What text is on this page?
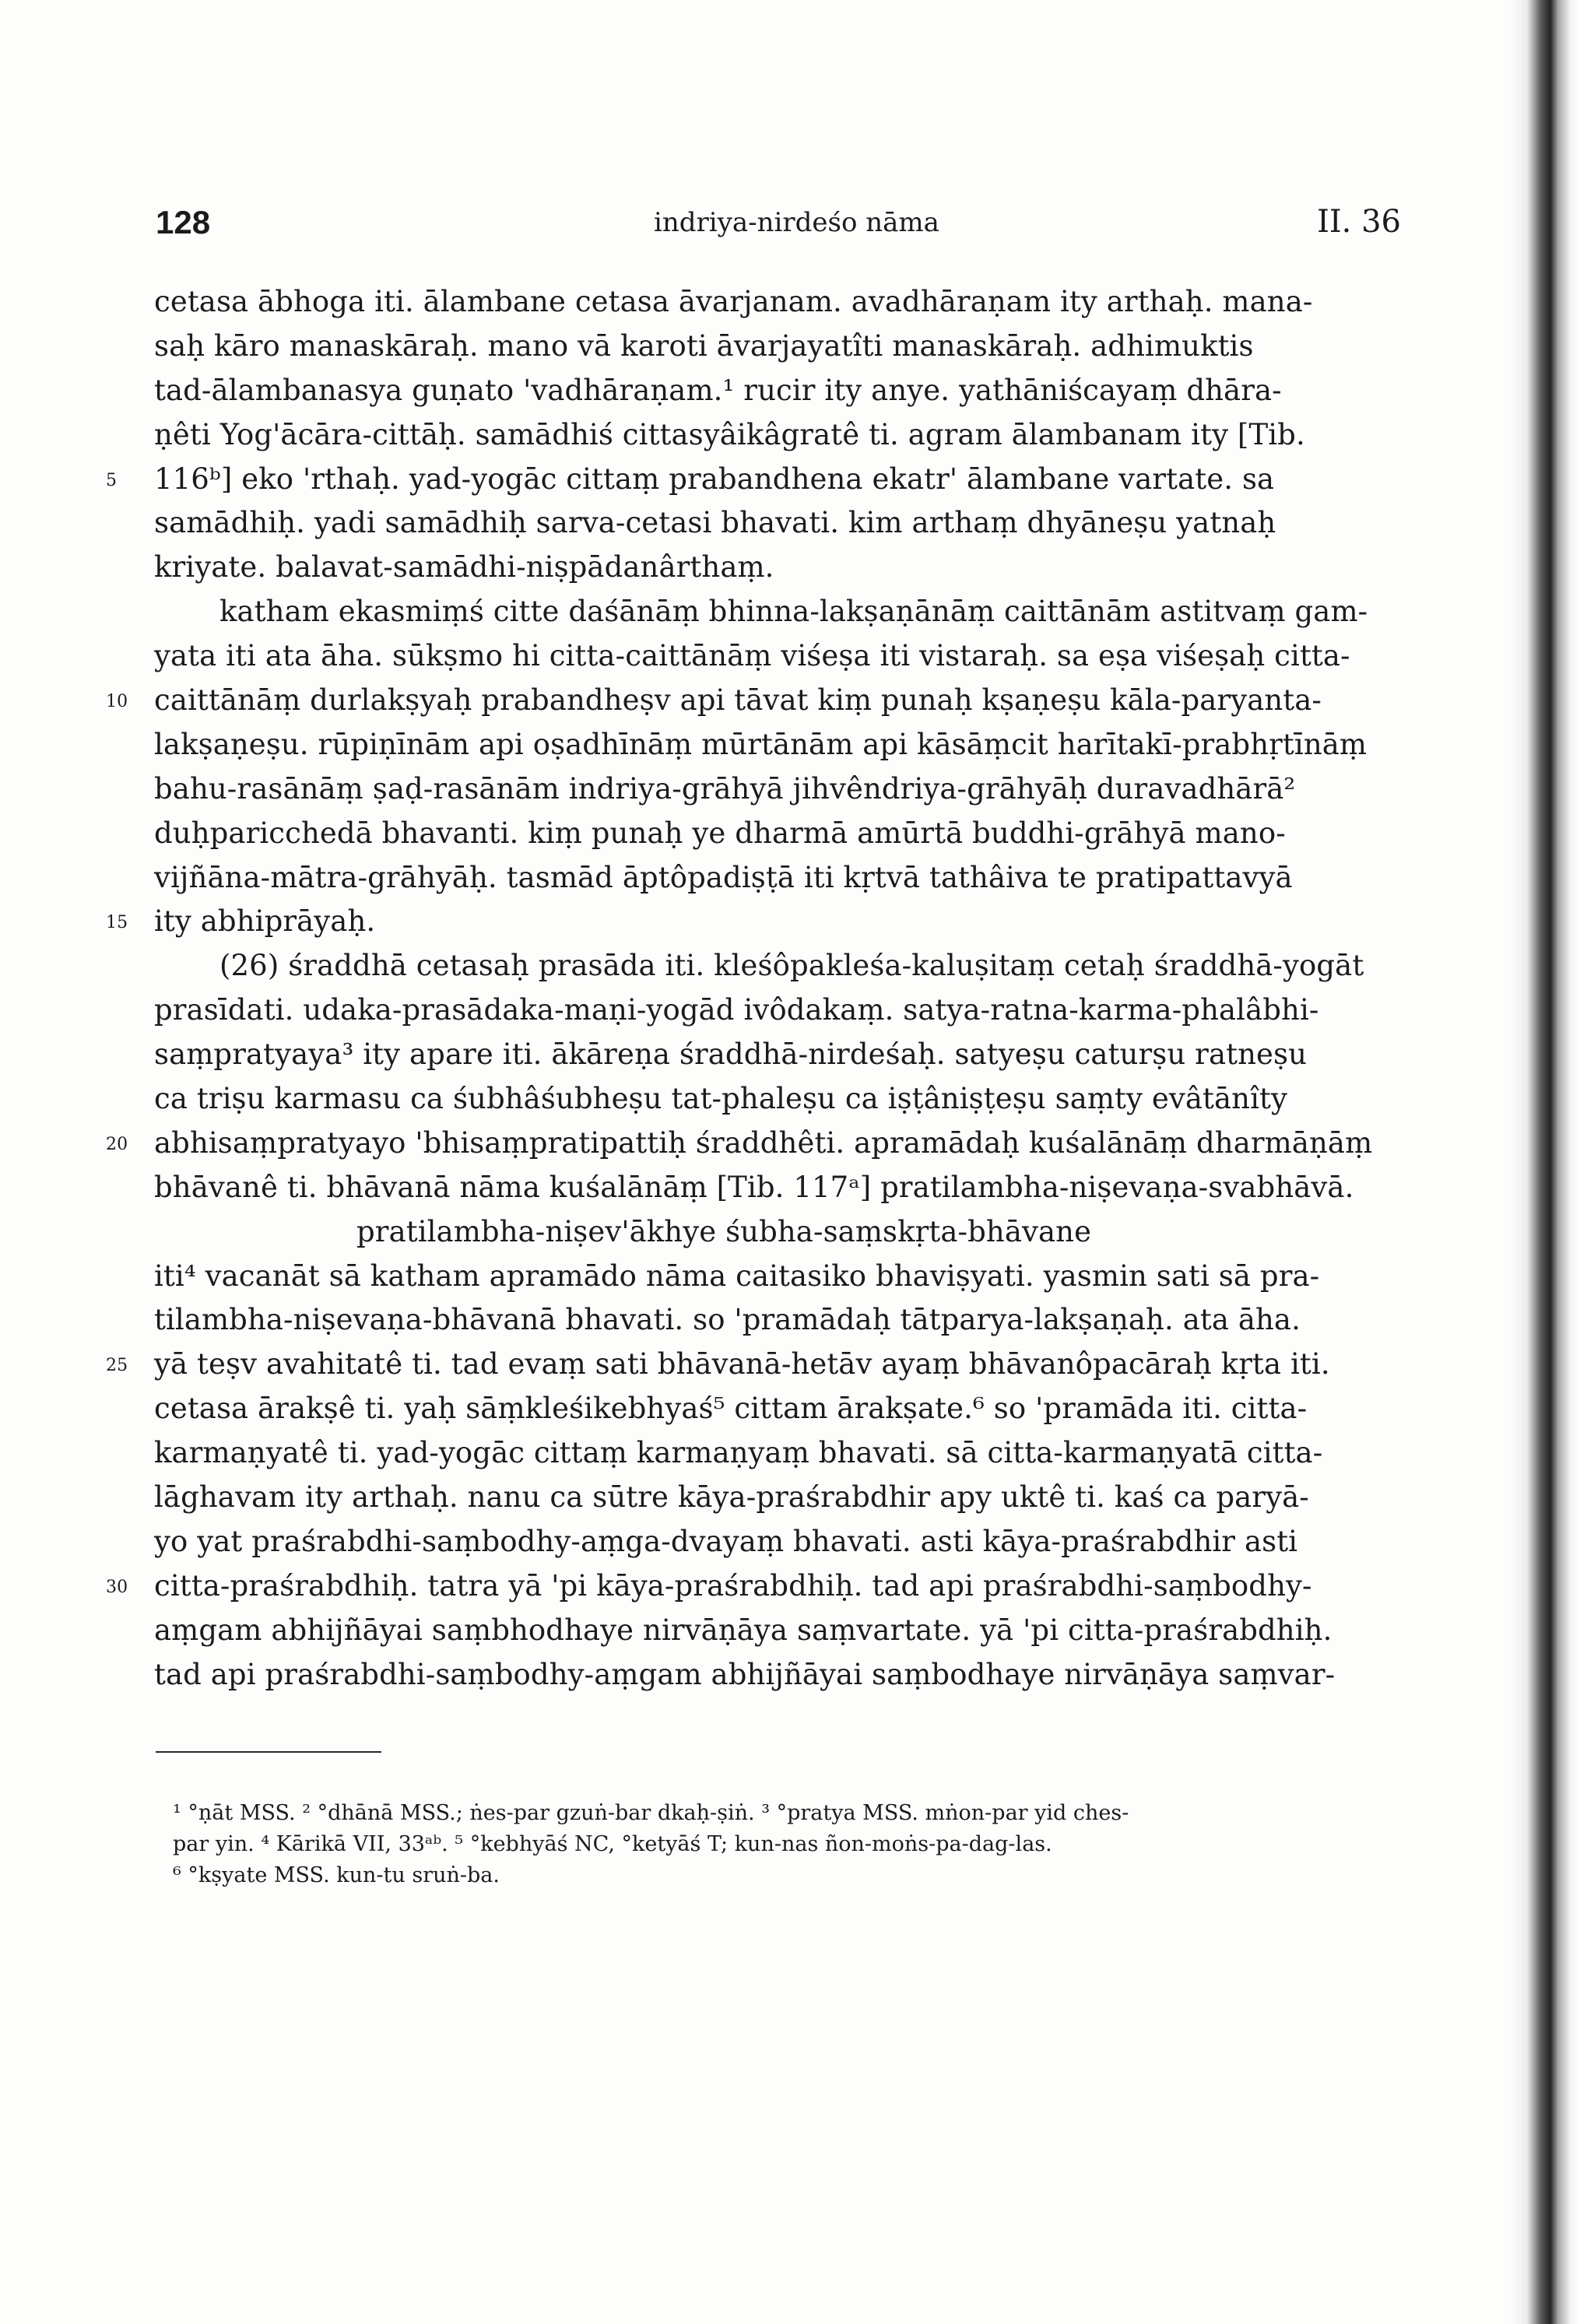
128	indriya-nirdeśo nāma	II. 36
cetasa ābhoga iti. ālambane cetasa āvarjanam. avadhāraṇam ity arthaḥ. mana-
saḥ kāro manaskāraḥ. mano vā karoti āvarjayatîti manaskāraḥ. adhimuktis
tad-ālambanasya guṇato 'vadhāraṇam.¹ rucir ity anye. yathāniścayaṃ dhāra-
ṇêti Yog'ācāra-cittāḥ. samādhiś cittasyâikâgratê ti. agram ālambanam ity [Tib.
5	116ᵇ] eko 'rthaḥ. yad-yogāc cittaṃ prabandhena ekatr' ālambane vartate. sa
samādhiḥ. yadi samādhiḥ sarva-cetasi bhavati. kim arthaṃ dhyāneṣu yatnaḥ
kriyate. balavat-samādhi-niṣpādanârthaṃ.
katham ekasmiṃś citte daśānāṃ bhinna-lakṣaṇānāṃ caittānām astitvaṃ gam-
yata iti ata āha. sūkṣmo hi citta-caittānāṃ viśeṣa iti vistaraḥ. sa eṣa viśeṣaḥ citta-
10 caittānāṃ durlakṣyaḥ prabandheṣv api tāvat kiṃ punaḥ kṣaṇeṣu kāla-paryanta-
lakṣaṇeṣu. rūpiṇīnām api oṣadhīnāṃ mūrtānām api kāsāṃcit harītakī-prabhṛtīnāṃ
bahu-rasānāṃ ṣaḍ-rasānām indriya-grāhyā jihvêndriya-grāhyāḥ duravadhārā²
duḥparicchedā bhavanti. kiṃ punaḥ ye dharmā amūrtā buddhi-grāhyā mano-
vijñāna-mātra-grāhyāḥ. tasmād āptôpadiṣṭā iti kṛtvā tathâiva te pratipattavyā
15 ity abhiprāyaḥ.
(26) śraddhā cetasaḥ prasāda iti. kleśôpakleśa-kaluṣitaṃ cetaḥ śraddhā-yogāt
prasīdati. udaka-prasādaka-maṇi-yogād ivôdakaṃ. satya-ratna-karma-phalâbhi-
saṃpratyaya³ ity apare iti. ākāreṇa śraddhā-nirdeśaḥ. satyeṣu caturṣu ratneṣu
ca triṣu karmasu ca śubhâśubheṣu tat-phaleṣu ca iṣṭâniṣṭeṣu saṃty evâtānîty
20 abhisaṃpratyayo 'bhisaṃpratipattiḥ śraddhêti. apramādaḥ kuśalānāṃ dharmāṇāṃ
bhāvanê ti. bhāvanā nāma kuśalānāṃ [Tib. 117ᵃ] pratilambha-niṣevaṇa-svabhāvā.
pratilambha-niṣev'ākhye śubha-saṃskṛta-bhāvane
iti⁴ vacanāt sā katham apramādo nāma caitasiko bhaviṣyati. yasmin sati sā pra-
tilambha-niṣevaṇa-bhāvanā bhavati. so 'pramādaḥ tātparya-lakṣaṇaḥ. ata āha.
25 yā teṣv avahitatê ti. tad evaṃ sati bhāvanā-hetāv ayaṃ bhāvanôpacāraḥ kṛta iti.
cetasa ārakṣê ti. yaḥ sāṃkleśikebhyaś⁵ cittam ārakṣate.⁶ so 'pramāda iti. citta-
karmaṇyatê ti. yad-yogāc cittaṃ karmaṇyaṃ bhavati. sā citta-karmaṇyatā citta-
lāghavam ity arthaḥ. nanu ca sūtre kāya-praśrabdhir apy uktê ti. kaś ca paryā-
yo yat praśrabdhi-saṃbodhy-aṃga-dvayaṃ bhavati. asti kāya-praśrabdhir asti
30 citta-praśrabdhiḥ. tatra yā 'pi kāya-praśrabdhiḥ. tad api praśrabdhi-saṃbodhy-
aṃgam abhijñāyai saṃbhodhaye nirvāṇāya saṃvartate. yā 'pi citta-praśrabdhiḥ.
tad api praśrabdhi-saṃbodhy-aṃgam abhijñāyai saṃbodhaye nirvāṇāya saṃvar-
¹ °ṇāt MSS. ² °dhānā MSS.; ṅes-par gzuṅ-bar dkaḥ-ṣiṅ. ³ °pratya MSS. mṅon-par yid ches-
par yin. ⁴ Kārikā VII, 33ᵃᵇ. ⁵ °kebhyāś NC, °ketyāś T; kun-nas ñon-moṅs-pa-dag-las.
⁶ °kṣyate MSS. kun-tu sruṅ-ba.
